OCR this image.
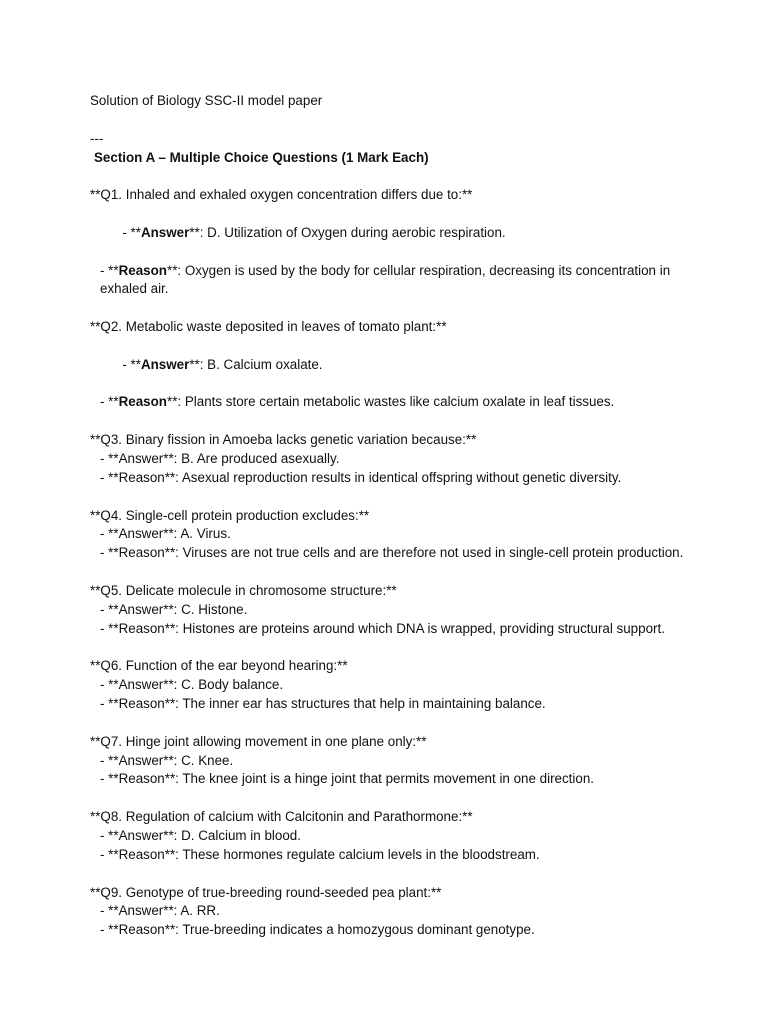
Solution of Biology SSC-II model paper
---
Section A – Multiple Choice Questions (1 Mark Each)
**Q1. Inhaled and exhaled oxygen concentration differs due to:**

- **Answer**: D. Utilization of Oxygen during aerobic respiration.

- **Reason**: Oxygen is used by the body for cellular respiration, decreasing its concentration in exhaled air.
**Q2. Metabolic waste deposited in leaves of tomato plant:**

- **Answer**: B. Calcium oxalate.

- **Reason**: Plants store certain metabolic wastes like calcium oxalate in leaf tissues.
**Q3. Binary fission in Amoeba lacks genetic variation because:**
- **Answer**: B. Are produced asexually.
- **Reason**: Asexual reproduction results in identical offspring without genetic diversity.
**Q4. Single-cell protein production excludes:**
- **Answer**: A. Virus.
- **Reason**: Viruses are not true cells and are therefore not used in single-cell protein production.
**Q5. Delicate molecule in chromosome structure:**
- **Answer**: C. Histone.
- **Reason**: Histones are proteins around which DNA is wrapped, providing structural support.
**Q6. Function of the ear beyond hearing:**
- **Answer**: C. Body balance.
- **Reason**: The inner ear has structures that help in maintaining balance.
**Q7. Hinge joint allowing movement in one plane only:**
- **Answer**: C. Knee.
- **Reason**: The knee joint is a hinge joint that permits movement in one direction.
**Q8. Regulation of calcium with Calcitonin and Parathormone:**
- **Answer**: D. Calcium in blood.
- **Reason**: These hormones regulate calcium levels in the bloodstream.
**Q9. Genotype of true-breeding round-seeded pea plant:**
- **Answer**: A. RR.
- **Reason**: True-breeding indicates a homozygous dominant genotype.
